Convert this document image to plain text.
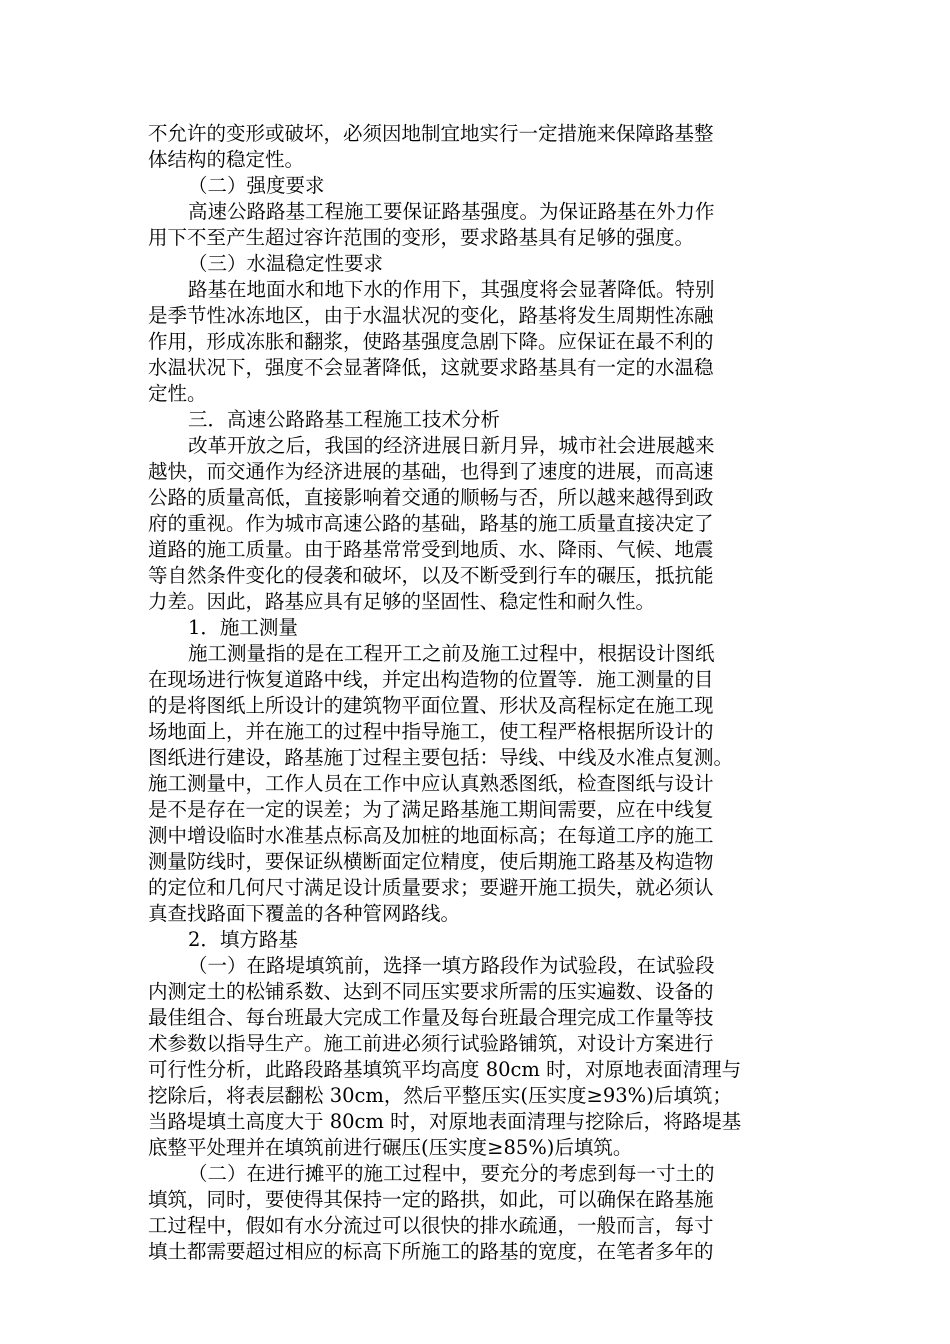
不允许的变形或破坏，必须因地制宜地实行一定措施来保障路基整
体结构的稳定性。
（二）强度要求
高速公路路基工程施工要保证路基强度。为保证路基在外力作
用下不至产生超过容许范围的变形，要求路基具有足够的强度。
（三）水温稳定性要求
路基在地面水和地下水的作用下，其强度将会显著降低。特别
是季节性冰冻地区，由于水温状况的变化，路基将发生周期性冻融
作用，形成冻胀和翻浆，使路基强度急剧下降。应保证在最不利的
水温状况下，强度不会显著降低，这就要求路基具有一定的水温稳
定性。
三．高速公路路基工程施工技术分析
改革开放之后，我国的经济进展日新月异，城市社会进展越来
越快，而交通作为经济进展的基础，也得到了速度的进展，而高速
公路的质量高低，直接影响着交通的顺畅与否，所以越来越得到政
府的重视。作为城市高速公路的基础，路基的施工质量直接决定了
道路的施工质量。由于路基常常受到地质、水、降雨、气候、地震
等自然条件变化的侵袭和破坏，以及不断受到行车的碾压，抵抗能
力差。因此，路基应具有足够的坚固性、稳定性和耐久性。
1．施工测量
施工测量指的是在工程开工之前及施工过程中，根据设计图纸
在现场进行恢复道路中线，并定出构造物的位置等．施工测量的目
的是将图纸上所设计的建筑物平面位置、形状及高程标定在施工现
场地面上，并在施工的过程中指导施工，使工程严格根据所设计的
图纸进行建设，路基施丁过程主要包括：导线、中线及水准点复测。
施工测量中，工作人员在工作中应认真熟悉图纸，检查图纸与设计
是不是存在一定的误差；为了满足路基施工期间需要，应在中线复
测中增设临时水准基点标高及加桩的地面标高；在每道工序的施工
测量防线时，要保证纵横断面定位精度，使后期施工路基及构造物
的定位和几何尺寸满足设计质量要求；要避开施工损失，就必须认
真查找路面下覆盖的各种管网路线。
2．填方路基
（一）在路堤填筑前，选择一填方路段作为试验段，在试验段
内测定土的松铺系数、达到不同压实要求所需的压实遍数、设备的
最佳组合、每台班最大完成工作量及每台班最合理完成工作量等技
术参数以指导生产。施工前进必须行试验路铺筑，对设计方案进行
可行性分析，此路段路基填筑平均高度 80cm 时，对原地表面清理与
挖除后，将表层翻松 30cm，然后平整压实(压实度≥93%)后填筑；
当路堤填土高度大于 80cm 时，对原地表面清理与挖除后，将路堤基
底整平处理并在填筑前进行碾压(压实度≥85%)后填筑。
（二）在进行摊平的施工过程中，要充分的考虑到每一寸土的
填筑，同时，要使得其保持一定的路拱，如此，可以确保在路基施
工过程中，假如有水分流过可以很快的排水疏通，一般而言，每寸
填土都需要超过相应的标高下所施工的路基的宽度，在笔者多年的
